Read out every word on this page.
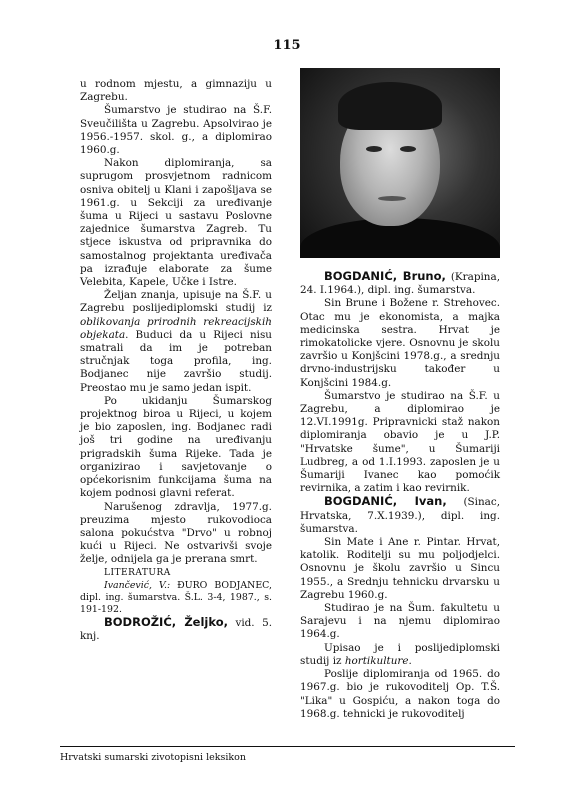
115

u rodnom mjestu, a gimnaziju u Zagrebu.

Šumarstvo je studirao na Š.F. Sveučilišta u Zagrebu. Apsolvirao je 1956.-1957. skol. g., a diplomirao 1960.g.

Nakon diplomiranja, sa suprugom prosvjetnom radnicom osniva obitelj u Klani i zapošljava se 1961.g. u Sekciji za uređivanje šuma u Rijeci u sastavu Poslovne zajednice šumarstva Zagreb. Tu stjece iskustva od pripravnika do samostalnog projektanta uređivača pa izrađuje elaborate za šume Velebita, Kapele, Učke i Istre.

Željan znanja, upisuje na Š.F. u Zagrebu poslijediplomski studij iz oblikovanja prirodnih rekreacijskih objekata. Buduci da u Rijeci nisu smatrali da im je potreban stručnjak toga profila, ing. Bodjanec nije završio studij. Preostao mu je samo jedan ispit.

Po ukidanju Šumarskog projektnog biroa u Rijeci, u kojem je bio zaposlen, ing. Bodjanec radi još tri godine na uređivanju prigradskih šuma Rijeke. Tada je organizirao i savjetovanje o općekorisnim funkcijama šuma na kojem podnosi glavni referat.

Narušenog zdravlja, 1977.g. preuzima mjesto rukovodioca salona pokućstva "Drvo" u robnoj kući u Rijeci. Ne ostvarivši svoje želje, odnijela ga je prerana smrt.

LITERATURA

Ivančević, V.: ĐURO BODJANEC, dipl. ing. šumarstva. Š.L. 3-4, 1987., s. 191-192.

BODROŽIĆ, Željko, vid. 5. knj.

BOGDANIĆ, Bruno, (Krapina, 24. I.1964.), dipl. ing. šumarstva.

Sin Brune i Božene r. Strehovec. Otac mu je ekonomista, a majka medicinska sestra. Hrvat je rimokatolicke vjere. Osnovnu je skolu završio u Konjšcini 1978.g., a srednju drvno-industrijsku također u Konjšcini 1984.g.

Šumarstvo je studirao na Š.F. u Zagrebu, a diplomirao je 12.VI.1991g. Pripravnicki staž nakon diplomiranja obavio je u J.P. "Hrvatske šume", u Šumariji Ludbreg, a od 1.I.1993. zaposlen je u Šumariji Ivanec kao pomoćik revirnika, a zatim i kao revirnik.

BOGDANIĆ, Ivan, (Sinac, Hrvatska, 7.X.1939.), dipl. ing. šumarstva.

Sin Mate i Ane r. Pintar. Hrvat, katolik. Roditelji su mu poljodjelci. Osnovnu je školu završio u Sincu 1955., a Srednju tehnicku drvarsku u Zagrebu 1960.g.

Studirao je na Šum. fakultetu u Sarajevu i na njemu diplomirao 1964.g.

Upisao je i poslijediplomski studij iz hortikulture.

Poslije diplomiranja od 1965. do 1967.g. bio je rukovoditelj Op. T.Š. "Lika" u Gospiću, a nakon toga do 1968.g. tehnicki je rukovoditelj

Hrvatski sumarski zivotopisni leksikon
